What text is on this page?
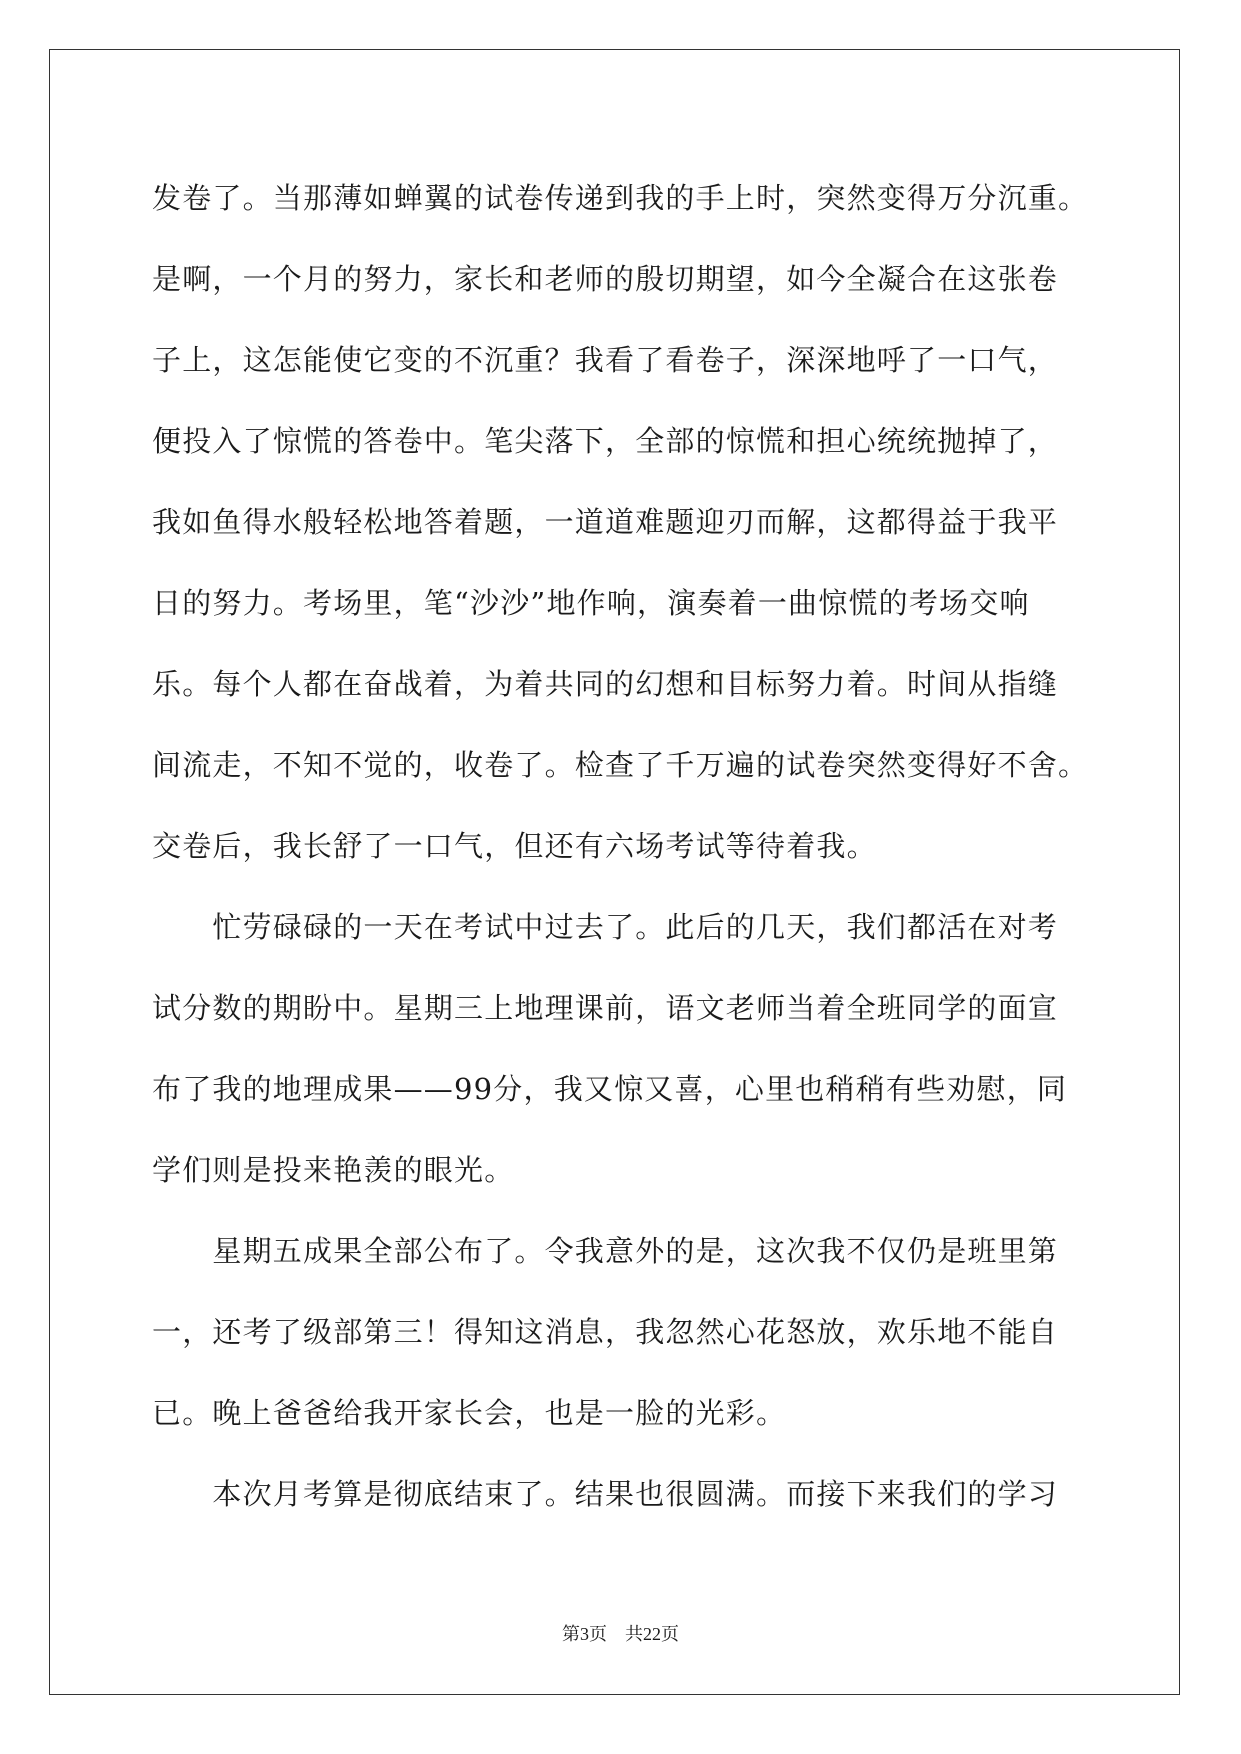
发卷了。当那薄如蝉翼的试卷传递到我的手上时，突然变得万分沉重。
是啊，一个月的努力，家长和老师的殷切期望，如今全凝合在这张卷
子上，这怎能使它变的不沉重？我看了看卷子，深深地呼了一口气，
便投入了惊慌的答卷中。笔尖落下，全部的惊慌和担心统统抛掉了，
我如鱼得水般轻松地答着题，一道道难题迎刃而解，这都得益于我平
日的努力。考场里，笔“沙沙”地作响，演奏着一曲惊慌的考场交响
乐。每个人都在奋战着，为着共同的幻想和目标努力着。时间从指缝
间流走，不知不觉的，收卷了。检查了千万遍的试卷突然变得好不舍。
交卷后，我长舒了一口气，但还有六场考试等待着我。
　　忙劳碌碌的一天在考试中过去了。此后的几天，我们都活在对考
试分数的期盼中。星期三上地理课前，语文老师当着全班同学的面宣
布了我的地理成果——99分，我又惊又喜，心里也稍稍有些劝慰，同
学们则是投来艳羡的眼光。
　　星期五成果全部公布了。令我意外的是，这次我不仅仍是班里第
一，还考了级部第三！得知这消息，我忽然心花怒放，欢乐地不能自
已。晚上爸爸给我开家长会，也是一脸的光彩。
　　本次月考算是彻底结束了。结果也很圆满。而接下来我们的学习
第3页　共22页
